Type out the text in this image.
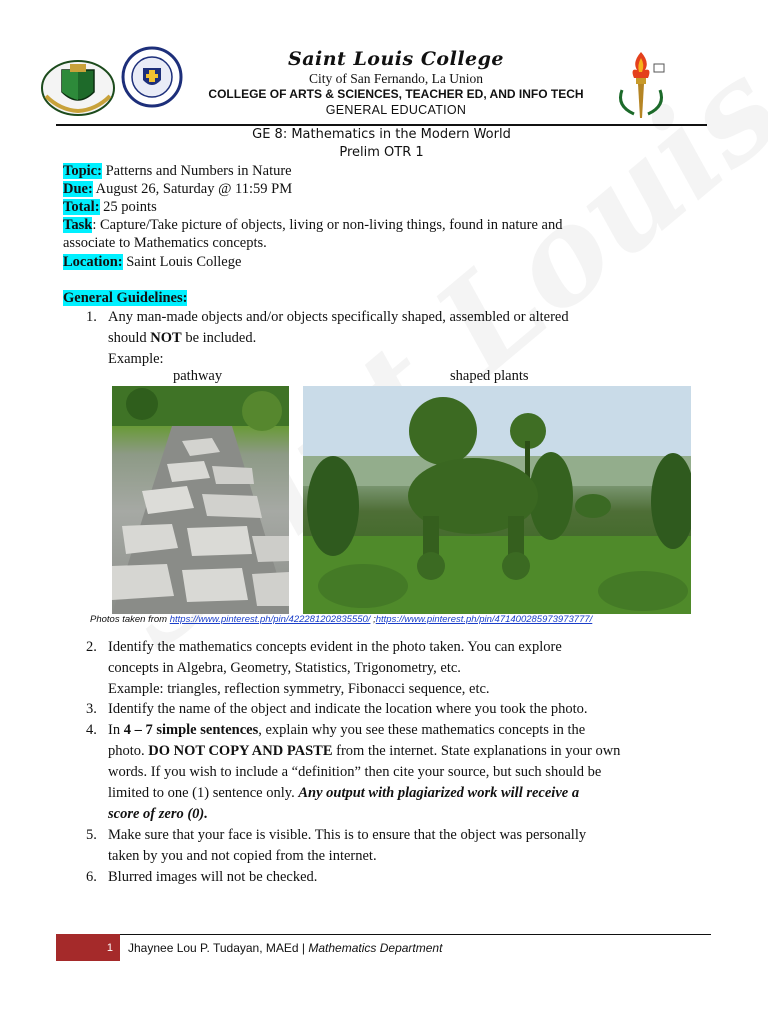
Saint Louis College
City of San Fernando, La Union
COLLEGE OF ARTS & SCIENCES, TEACHER ED, AND INFO TECH
GENERAL EDUCATION
GE 8: Mathematics in the Modern World
Prelim OTR 1
Topic: Patterns and Numbers in Nature
Due: August 26, Saturday @ 11:59 PM
Total: 25 points
Task: Capture/Take picture of objects, living or non-living things, found in nature and
associate to Mathematics concepts.
Location: Saint Louis College
General Guidelines:
1. Any man-made objects and/or objects specifically shaped, assembled or altered
should NOT be included.
Example:
pathway	shaped plants
Photos taken from https://www.pinterest.ph/pin/422281202835550/ ;https://www.pinterest.ph/pin/471400285973973777/
2. Identify the mathematics concepts evident in the photo taken. You can explore
concepts in Algebra, Geometry, Statistics, Trigonometry, etc.
Example: triangles, reflection symmetry, Fibonacci sequence, etc.
3. Identify the name of the object and indicate the location where you took the photo.
4. In 4 – 7 simple sentences, explain why you see these mathematics concepts in the
photo. DO NOT COPY AND PASTE from the internet. State explanations in your own
words. If you wish to include a “definition” then cite your source, but such should be
limited to one (1) sentence only. Any output with plagiarized work will receive a
score of zero (0).
5. Make sure that your face is visible. This is to ensure that the object was personally
taken by you and not copied from the internet.
6. Blurred images will not be checked.
1	Jhaynee Lou P. Tudayan, MAEd | Mathematics Department
